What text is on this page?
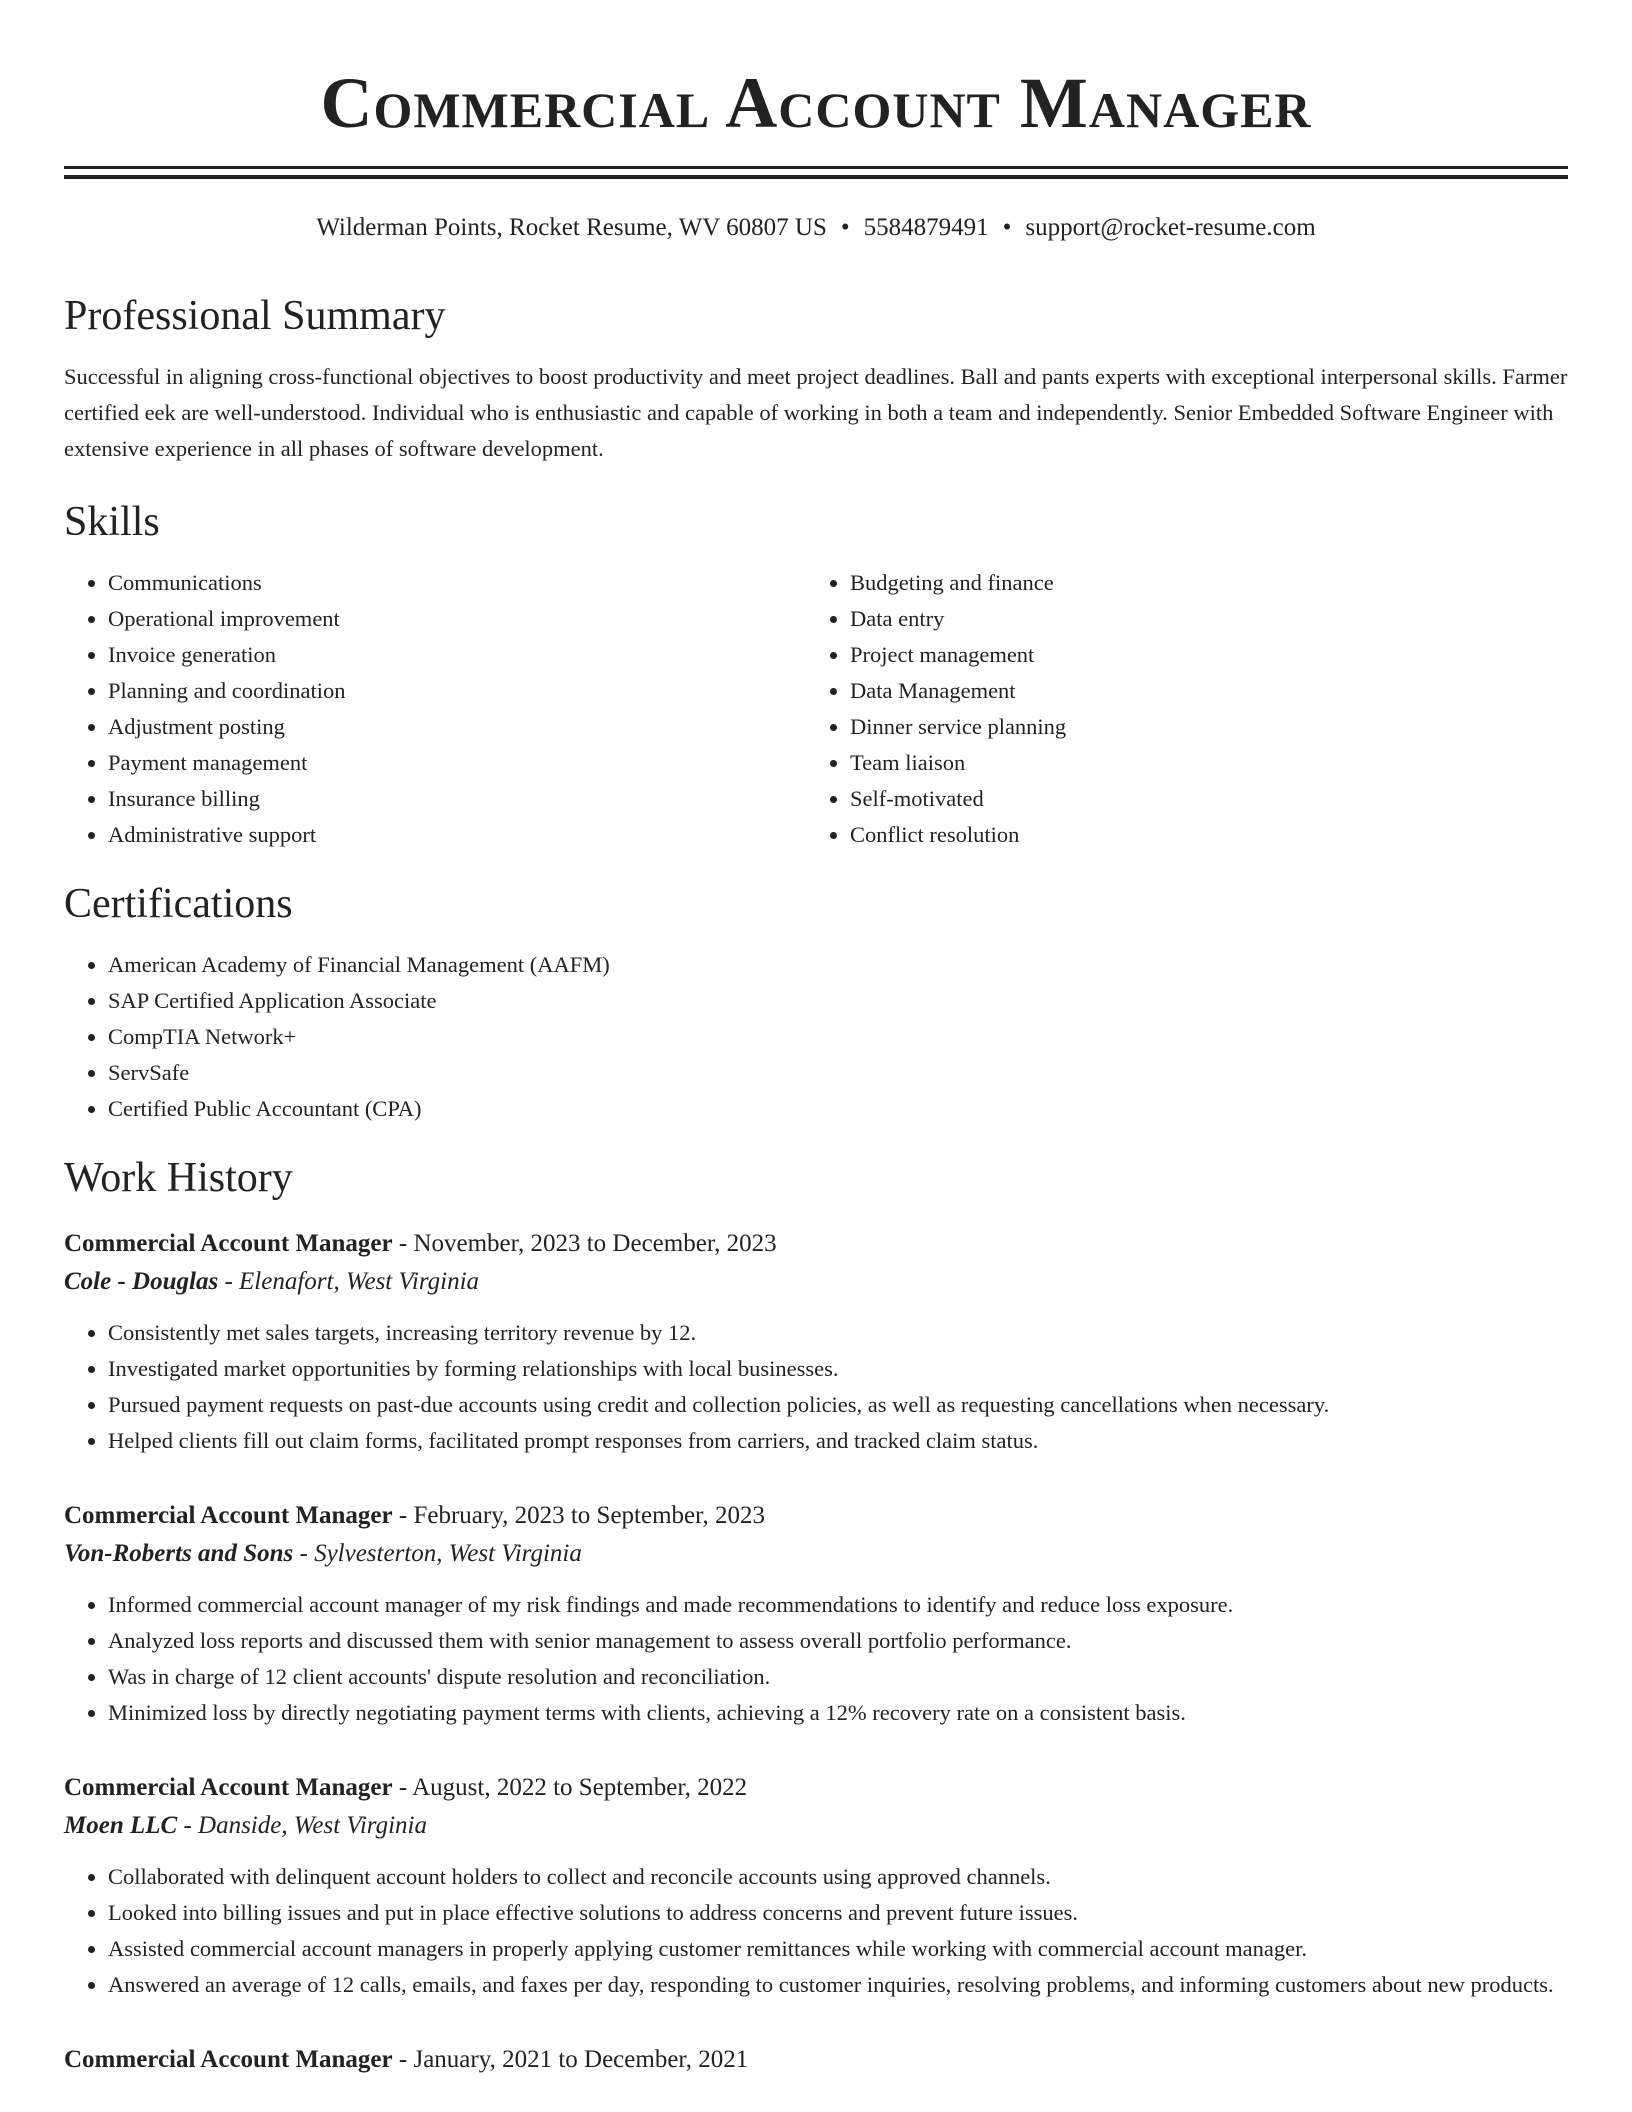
Commercial Account Manager
Wilderman Points, Rocket Resume, WV 60807 US • 5584879491 • support@rocket-resume.com
Professional Summary
Successful in aligning cross-functional objectives to boost productivity and meet project deadlines. Ball and pants experts with exceptional interpersonal skills. Farmer certified eek are well-understood. Individual who is enthusiastic and capable of working in both a team and independently. Senior Embedded Software Engineer with extensive experience in all phases of software development.
Skills
• Communications
• Operational improvement
• Invoice generation
• Planning and coordination
• Adjustment posting
• Payment management
• Insurance billing
• Administrative support
• Budgeting and finance
• Data entry
• Project management
• Data Management
• Dinner service planning
• Team liaison
• Self-motivated
• Conflict resolution
Certifications
• American Academy of Financial Management (AAFM)
• SAP Certified Application Associate
• CompTIA Network+
• ServSafe
• Certified Public Accountant (CPA)
Work History
Commercial Account Manager - November, 2023 to December, 2023
Cole - Douglas - Elenafort, West Virginia
• Consistently met sales targets, increasing territory revenue by 12.
• Investigated market opportunities by forming relationships with local businesses.
• Pursued payment requests on past-due accounts using credit and collection policies, as well as requesting cancellations when necessary.
• Helped clients fill out claim forms, facilitated prompt responses from carriers, and tracked claim status.
Commercial Account Manager - February, 2023 to September, 2023
Von-Roberts and Sons - Sylvesterton, West Virginia
• Informed commercial account manager of my risk findings and made recommendations to identify and reduce loss exposure.
• Analyzed loss reports and discussed them with senior management to assess overall portfolio performance.
• Was in charge of 12 client accounts' dispute resolution and reconciliation.
• Minimized loss by directly negotiating payment terms with clients, achieving a 12% recovery rate on a consistent basis.
Commercial Account Manager - August, 2022 to September, 2022
Moen LLC - Danside, West Virginia
• Collaborated with delinquent account holders to collect and reconcile accounts using approved channels.
• Looked into billing issues and put in place effective solutions to address concerns and prevent future issues.
• Assisted commercial account managers in properly applying customer remittances while working with commercial account manager.
• Answered an average of 12 calls, emails, and faxes per day, responding to customer inquiries, resolving problems, and informing customers about new products.
Commercial Account Manager - January, 2021 to December, 2021
